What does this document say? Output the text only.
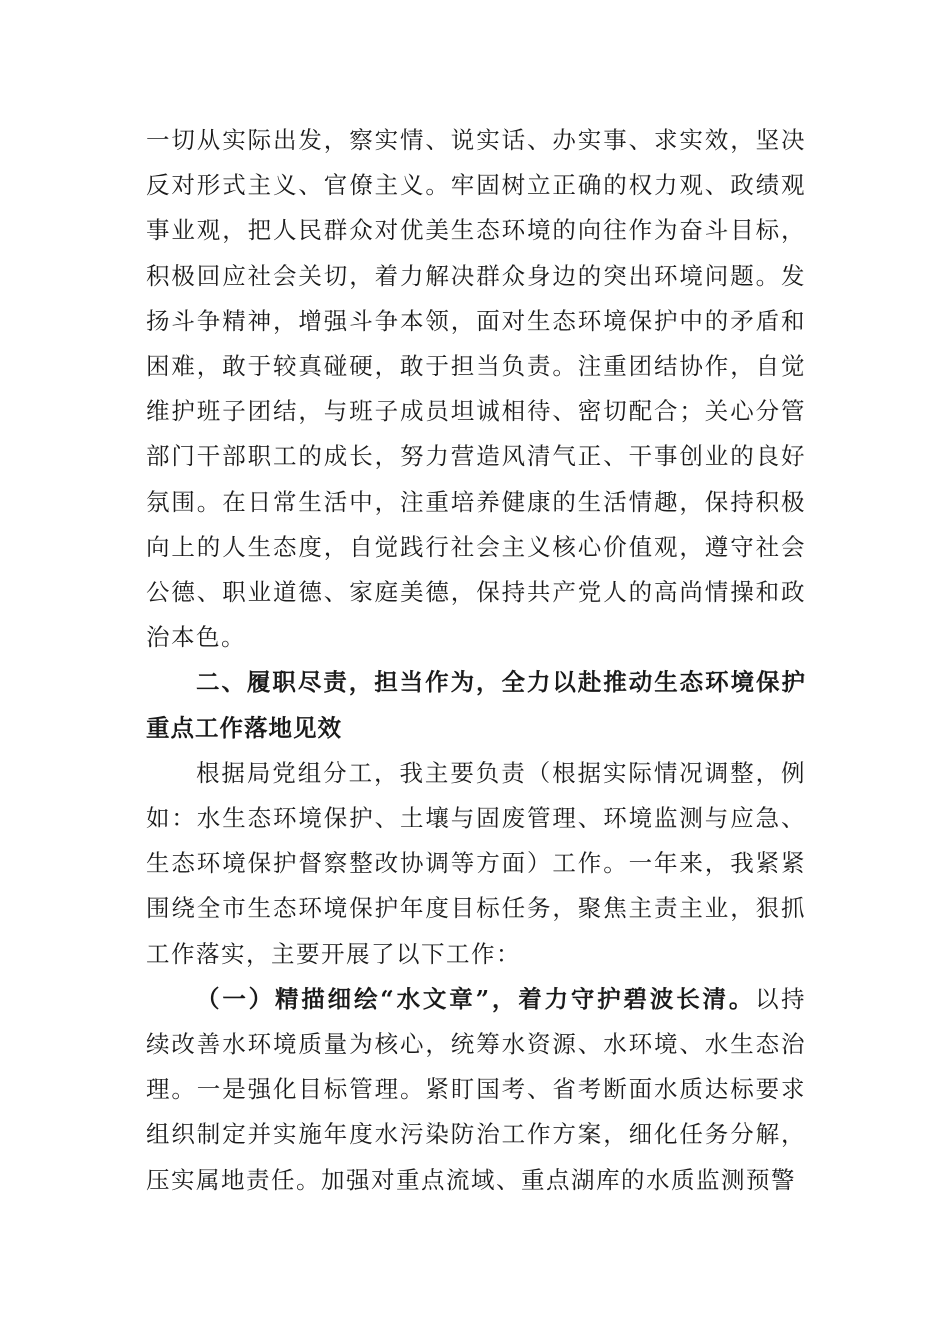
一切从实际出发，察实情、说实话、办实事、求实效，坚决反对形式主义、官僚主义。牢固树立正确的权力观、政绩观事业观，把人民群众对优美生态环境的向往作为奋斗目标，积极回应社会关切，着力解决群众身边的突出环境问题。发扬斗争精神，增强斗争本领，面对生态环境保护中的矛盾和困难，敢于较真碰硬，敢于担当负责。注重团结协作，自觉维护班子团结，与班子成员坦诚相待、密切配合；关心分管部门干部职工的成长，努力营造风清气正、干事创业的良好氛围。在日常生活中，注重培养健康的生活情趣，保持积极向上的人生态度，自觉践行社会主义核心价值观，遵守社会公德、职业道德、家庭美德，保持共产党人的高尚情操和政治本色。

二、履职尽责，担当作为，全力以赴推动生态环境保护重点工作落地见效

根据局党组分工，我主要负责（根据实际情况调整，例如：水生态环境保护、土壤与固废管理、环境监测与应急、生态环境保护督察整改协调等方面）工作。一年来，我紧紧围绕全市生态环境保护年度目标任务，聚焦主责主业，狠抓工作落实，主要开展了以下工作：

（一）精描细绘“水文章”，着力守护碧波长清。以持续改善水环境质量为核心，统筹水资源、水环境、水生态治理。一是强化目标管理。紧盯国考、省考断面水质达标要求组织制定并实施年度水污染防治工作方案，细化任务分解，压实属地责任。加强对重点流域、重点湖库的水质监测预警
